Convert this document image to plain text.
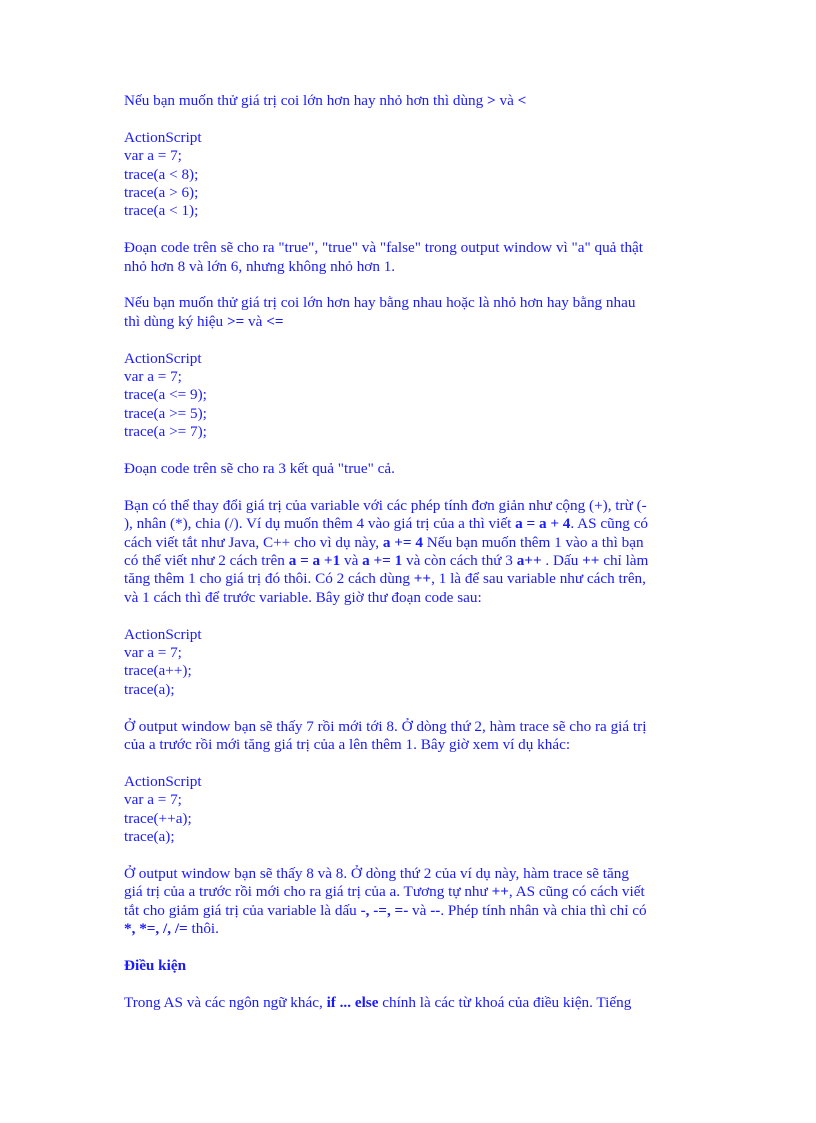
Nếu bạn muốn thử giá trị coi lớn hơn hay nhỏ hơn thì dùng > và <
ActionScript
var a = 7;
trace(a < 8);
trace(a > 6);
trace(a < 1);
Đoạn code trên sẽ cho ra "true", "true" và "false" trong output window vì "a" quả thật
nhỏ hơn 8 và lớn 6, nhưng không nhỏ hơn 1.
Nếu bạn muốn thử giá trị coi lớn hơn hay bằng nhau hoặc là nhỏ hơn hay bằng nhau
thì dùng ký hiệu >= và <=
ActionScript
var a = 7;
trace(a <= 9);
trace(a >= 5);
trace(a >= 7);
Đoạn code trên sẽ cho ra 3 kết quả "true" cả.
Bạn có thể thay đổi giá trị của variable với các phép tính đơn giản như cộng (+), trừ (-
), nhân (*), chia (/). Ví dụ muốn thêm 4 vào giá trị của a thì viết a = a + 4. AS cũng có
cách viết tắt như Java, C++ cho vì dụ này, a += 4 Nếu bạn muốn thêm 1 vào a thì bạn
có thể viết như 2 cách trên a = a +1 và a += 1 và còn cách thứ 3 a++ . Dấu ++ chỉ làm
tăng thêm 1 cho giá trị đó thôi. Có 2 cách dùng ++, 1 là để sau variable như cách trên,
và 1 cách thì để trước variable. Bây giờ thư đoạn code sau:
ActionScript
var a = 7;
trace(a++);
trace(a);
Ở output window bạn sẽ thấy 7 rồi mới tới 8. Ở dòng thứ 2, hàm trace sẽ cho ra giá trị
của a trước rồi mới tăng giá trị của a lên thêm 1. Bây giờ xem ví dụ khác:
ActionScript
var a = 7;
trace(++a);
trace(a);
Ở output window bạn sẽ thấy 8 và 8. Ở dòng thứ 2 của ví dụ này, hàm trace sẽ tăng
giá trị của a trước rồi mới cho ra giá trị của a. Tương tự như ++, AS cũng có cách viết
tắt cho giảm giá trị của variable là dấu -, -=, =- và --. Phép tính nhân và chia thì chỉ có
*, *=, /, /= thôi.
Điều kiện
Trong AS và các ngôn ngữ khác, if ... else chính là các từ khoá của điều kiện. Tiếng
